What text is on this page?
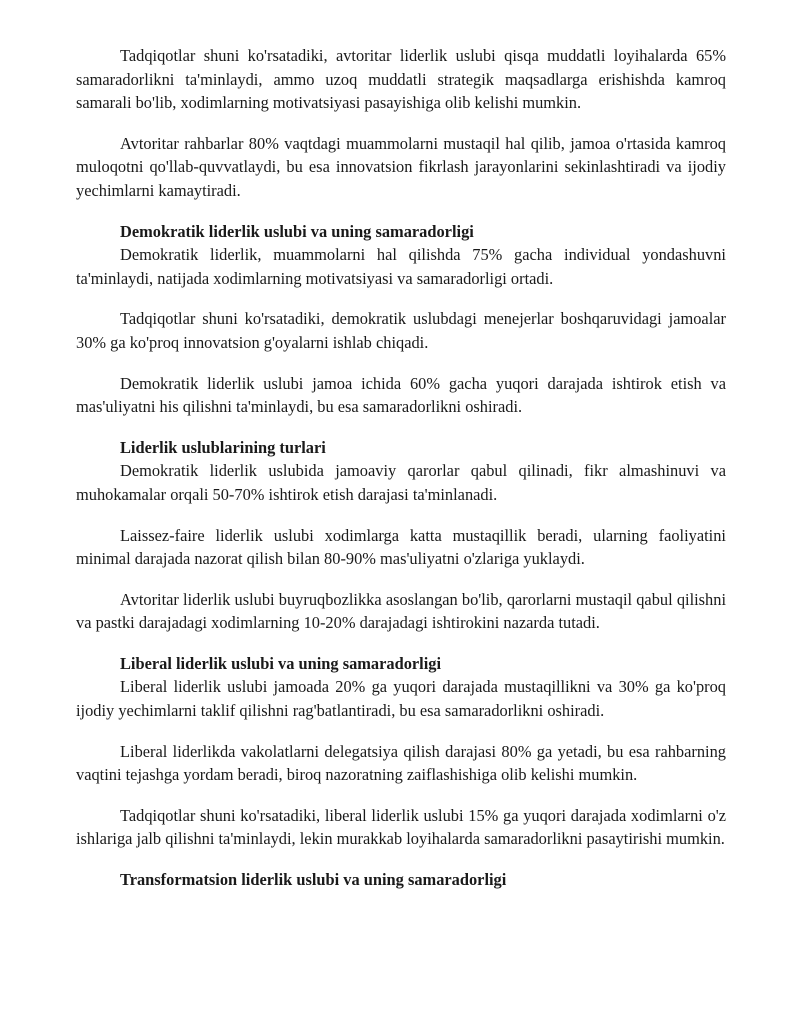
Tadqiqotlar shuni ko'rsatadiki, avtoritar liderlik uslubi qisqa muddatli loyihalarda 65% samaradorlikni ta'minlaydi, ammo uzoq muddatli strategik maqsadlarga erishishda kamroq samarali bo'lib, xodimlarning motivatsiyasi pasayishiga olib kelishi mumkin.

Avtoritar rahbarlar 80% vaqtdagi muammolarni mustaqil hal qilib, jamoa o'rtasida kamroq muloqotni qo'llab-quvvatlaydi, bu esa innovatsion fikrlash jarayonlarini sekinlashtiradi va ijodiy yechimlarni kamaytiradi.

Demokratik liderlik uslubi va uning samaradorligi

Demokratik liderlik, muammolarni hal qilishda 75% gacha individual yondashuvni ta'minlaydi, natijada xodimlarning motivatsiyasi va samaradorligi ortadi.

Tadqiqotlar shuni ko'rsatadiki, demokratik uslubdagi menejerlar boshqaruvidagi jamoalar 30% ga ko'proq innovatsion g'oyalarni ishlab chiqadi.

Demokratik liderlik uslubi jamoa ichida 60% gacha yuqori darajada ishtirok etish va mas'uliyatni his qilishni ta'minlaydi, bu esa samaradorlikni oshiradi.

Liderlik uslublarining turlari

Demokratik liderlik uslubida jamoaviy qarorlar qabul qilinadi, fikr almashinuvi va muhokamalar orqali 50-70% ishtirok etish darajasi ta'minlanadi.

Laissez-faire liderlik uslubi xodimlarga katta mustaqillik beradi, ularning faoliyatini minimal darajada nazorat qilish bilan 80-90% mas'uliyatni o'zlariga yuklaydi.

Avtoritar liderlik uslubi buyruqbozlikka asoslangan bo'lib, qarorlarni mustaqil qabul qilishni va pastki darajadagi xodimlarning 10-20% darajadagi ishtirokini nazarda tutadi.

Liberal liderlik uslubi va uning samaradorligi

Liberal liderlik uslubi jamoada 20% ga yuqori darajada mustaqillikni va 30% ga ko'proq ijodiy yechimlarni taklif qilishni rag'batlantiradi, bu esa samaradorlikni oshiradi.

Liberal liderlikda vakolatlarni delegatsiya qilish darajasi 80% ga yetadi, bu esa rahbarning vaqtini tejashga yordam beradi, biroq nazoratning zaiflashishiga olib kelishi mumkin.

Tadqiqotlar shuni ko'rsatadiki, liberal liderlik uslubi 15% ga yuqori darajada xodimlarni o'z ishlariga jalb qilishni ta'minlaydi, lekin murakkab loyihalarda samaradorlikni pasaytirishi mumkin.

Transformatsion liderlik uslubi va uning samaradorligi
